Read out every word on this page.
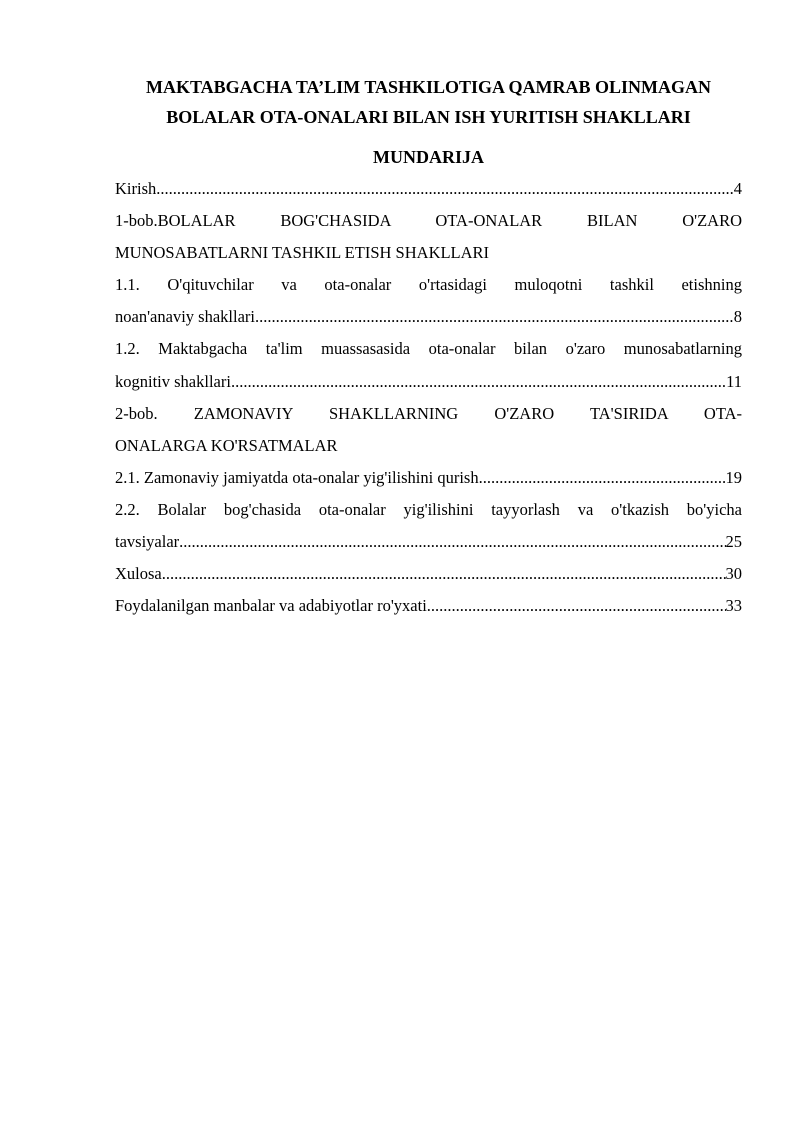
MAKTABGACHA TA’LIM TASHKILOTIGA QAMRAB OLINMAGAN
BOLALAR OTA-ONALARI BILAN ISH YURITISH SHAKLLARI
MUNDARIJA
Kirish .....	4
1-bob.BOLALAR BOG'CHASIDA OTA-ONALAR BILAN O'ZARO
MUNOSABATLARNI TASHKIL ETISH SHAKLLARI
1.1. O'qituvchilar va ota-onalar o'rtasidagi muloqotni tashkil etishning
noan'anaviy shakllari .....	8
1.2. Maktabgacha ta'lim muassasasida ota-onalar bilan o'zaro munosabatlarning
kognitiv shakllari .....	11
2-bob. ZAMONAVIY SHAKLLARNING O'ZARO TA'SIRIDA OTA-
ONALARGA KO'RSATMALAR
2.1. Zamonaviy jamiyatda ota-onalar yig'ilishini qurish .....	19
2.2. Bolalar bog'chasida ota-onalar yig'ilishini tayyorlash va o'tkazish bo'yicha
tavsiyalar .....	25
Xulosa .....	30
Foydalanilgan manbalar va adabiyotlar ro'yxati .....	33
